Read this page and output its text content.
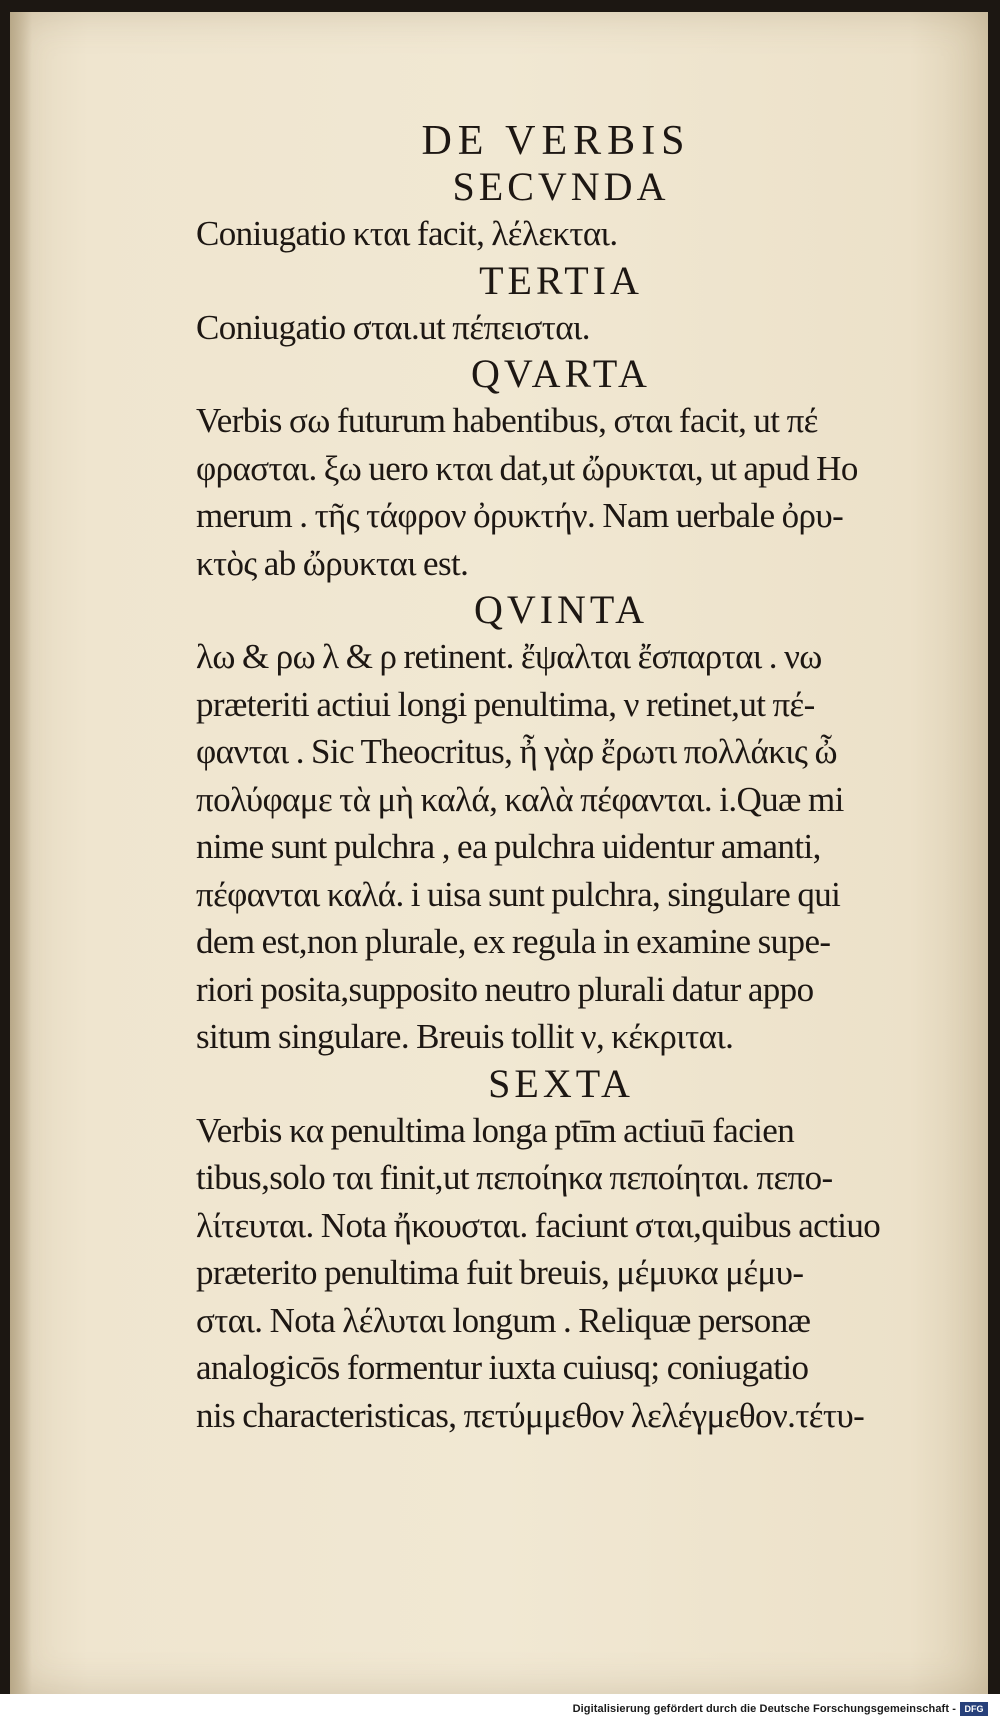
DE VERBIS
SECVNDA

Coniugatio κται facit, λέλεκται.

TERTIA

Coniugatio σται.ut πέπεισται.

QVARTA

Verbis σω futurum habentibus, σται facit, ut πέ

φρασται. ξω uero κται dat,ut ὤρυκται, ut apud Ho

merum . τῆς τάφρον ὀρυκτήν. Nam uerbale ὀρυ-

κτὸς ab ὤρυκται est.

QVINTA

λω & ρω λ & ρ retinent. ἔψαλται ἔσπαρται . νω

præteriti actiui longi penultima, ν retinet,ut πέ-

φανται . Sic Theocritus, ἦ γὰρ ἔρωτι πολλάκις ὦ

πολύφαμε τὰ μὴ καλά, καλὰ πέφανται. i.Quæ mi

nime sunt pulchra , ea pulchra uidentur amanti,

πέφανται καλά. i uisa sunt pulchra, singulare qui

dem est,non plurale, ex regula in examine supe-

riori posita,supposito neutro plurali datur appo

situm singulare. Breuis tollit ν, κέκριται.

SEXTA

Verbis κα penultima longa ptīm actiuū facien

tibus,solo ται finit,ut πεποίηκα πεποίηται. πεπο-

λίτευται. Nota ἤκουσται. faciunt σται,quibus actiuo

præterito penultima fuit breuis, μέμυκα μέμυ-

σται. Nota λέλυται longum . Reliquæ personæ

analogicōs formentur iuxta cuiusq; coniugatio

nis characteristicas, πετύμμεθον λελέγμεθον.τέτυ-

Digitalisierung gefördert durch die Deutsche Forschungsgemeinschaft - DFG
